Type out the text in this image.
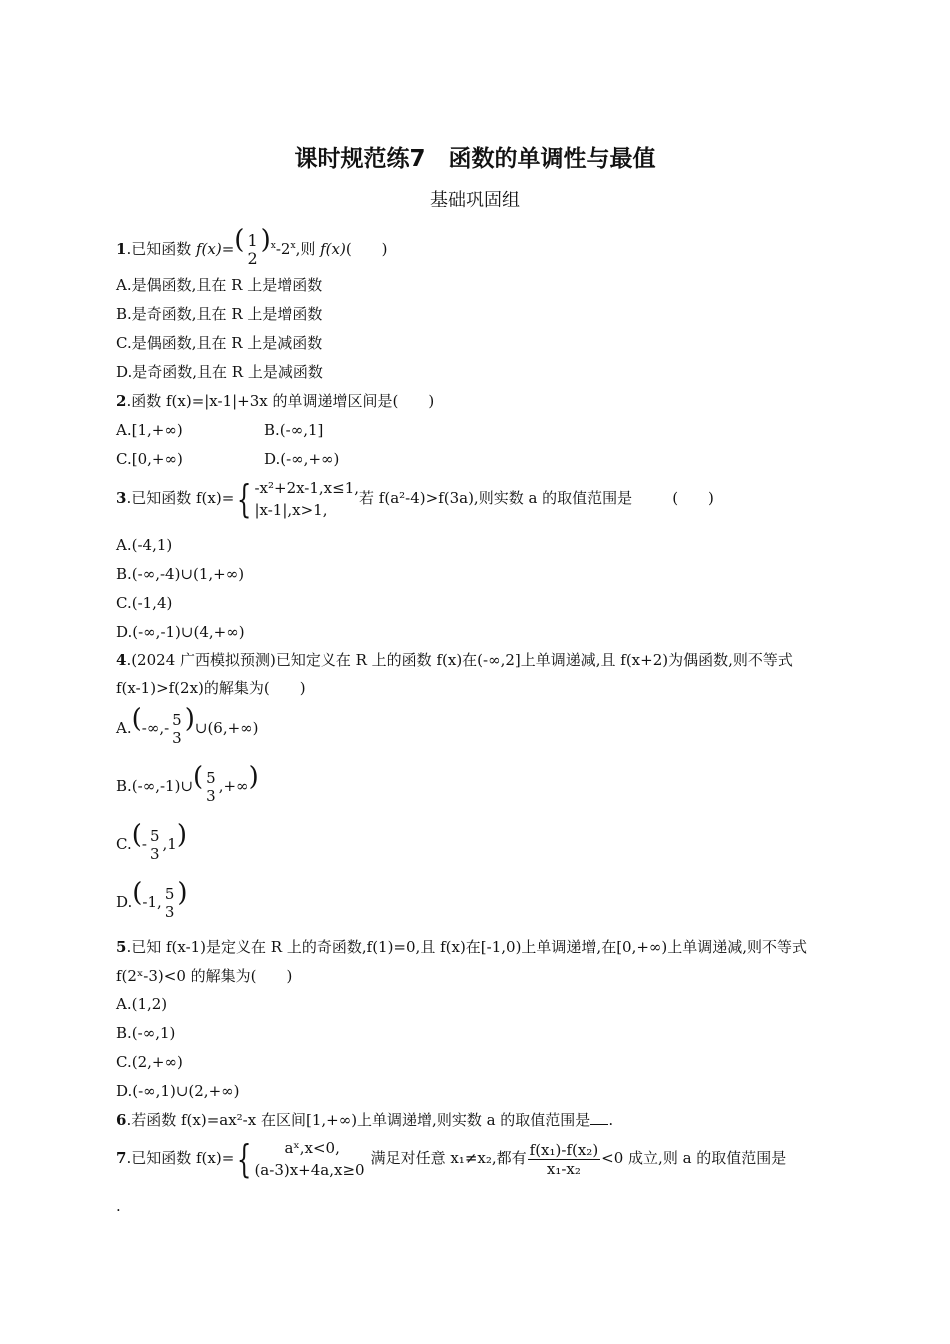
课时规范练7　函数的单调性与最值
基础巩固组
1.已知函数 f(x)=( 1
2
)$^x$-2$^x$,则 f(x)(　　)
A.是偶函数,且在 R 上是增函数
B.是奇函数,且在 R 上是增函数
C.是偶函数,且在 R 上是减函数
D.是奇函数,且在 R 上是减函数
2.函数 f(x)=|x-1|+3x 的单调递增区间是(　　)
A.[1,+∞)	B.(-∞,1]
C.[0,+∞)	D.(-∞,+∞)
3.已知函数 f(x)={ -x²+2x-1,x≤1,
|x-1|,x>1,
若 f(a²-4)>f(3a),则实数 a 的取值范围是	(　　)
A.(-4,1)
B.(-∞,-4)∪(1,+∞)
C.(-1,4)
D.(-∞,-1)∪(4,+∞)
4.(2024 广西模拟预测)已知定义在 R 上的函数 f(x)在(-∞,2]上单调递减,且 f(x+2)为偶函数,则不等式
f(x-1)>f(2x)的解集为(　　)
A.(-∞,- 5
3
)∪(6,+∞)
B.(-∞,-1)∪( 5
3
,+∞)
C.(- 5
3
,1)
D.(-1, 5
3
)
5.已知 f(x-1)是定义在 R 上的奇函数,f(1)=0,且 f(x)在[-1,0)上单调递增,在[0,+∞)上单调递减,则不等式
f(2ˣ-3)<0 的解集为(　　)
A.(1,2)
B.(-∞,1)
C.(2,+∞)
D.(-∞,1)∪(2,+∞)
6.若函数 f(x)=ax²-x 在区间[1,+∞)上单调递增,则实数 a 的取值范围是 .
7.已知函数 f(x)={	aˣ,x<0,
(a-3)x+4a,x≥0
满足对任意 x₁≠x₂,都有 $\frac{\text{f(x₁)-f(x₂)}}{\text{x₁-x₂}} <0$ 成立,则 a 的取值范围是
.
